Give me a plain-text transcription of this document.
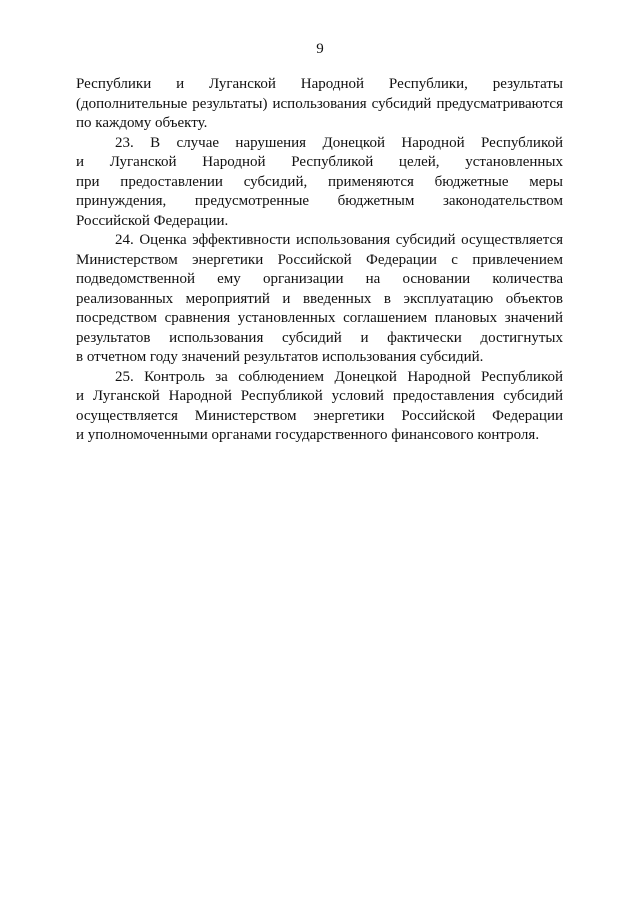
9
Республики и Луганской Народной Республики, результаты
(дополнительные результаты) использования субсидий предусматриваются
по каждому объекту.
23. В случае нарушения Донецкой Народной Республикой
и Луганской Народной Республикой целей, установленных
при предоставлении субсидий, применяются бюджетные меры
принуждения, предусмотренные бюджетным законодательством
Российской Федерации.
24. Оценка эффективности использования субсидий осуществляется
Министерством энергетики Российской Федерации с привлечением
подведомственной ему организации на основании количества
реализованных мероприятий и введенных в эксплуатацию объектов
посредством сравнения установленных соглашением плановых значений
результатов использования субсидий и фактически достигнутых
в отчетном году значений результатов использования субсидий.
25. Контроль за соблюдением Донецкой Народной Республикой
и Луганской Народной Республикой условий предоставления субсидий
осуществляется Министерством энергетики Российской Федерации
и уполномоченными органами государственного финансового контроля.
